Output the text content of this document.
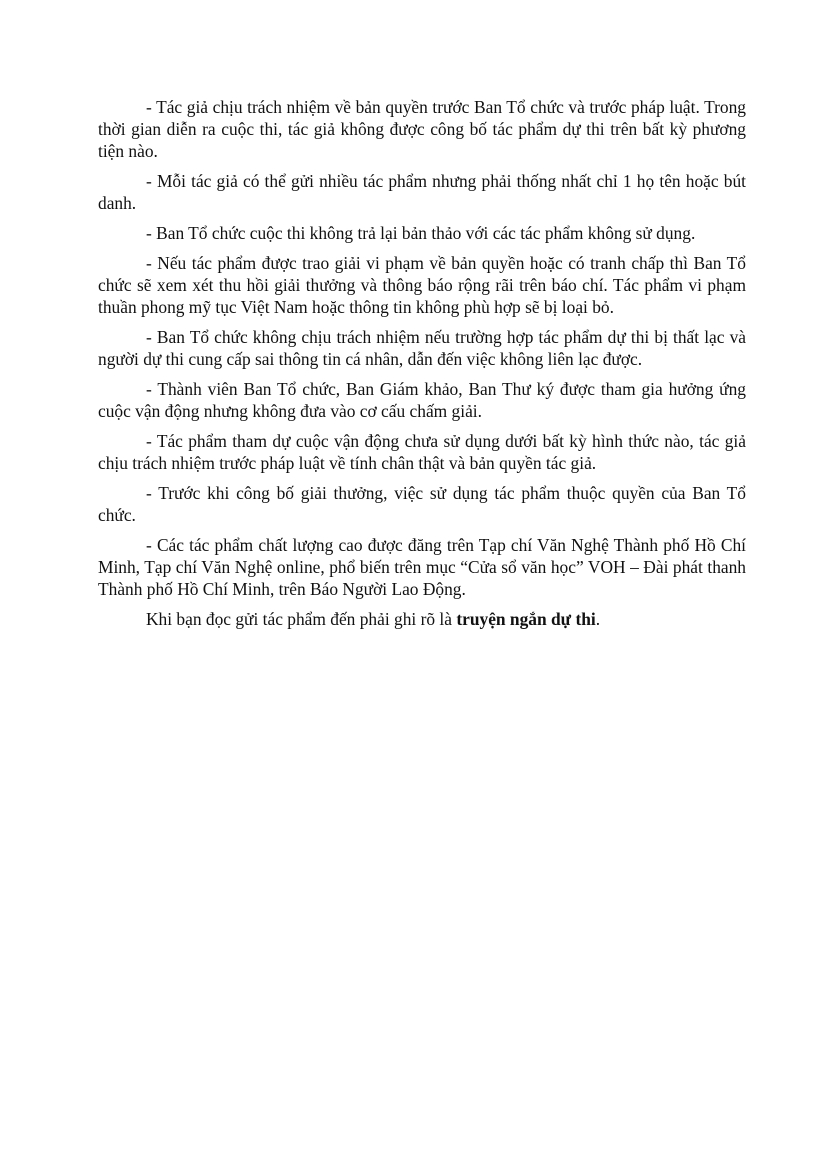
- Tác giả chịu trách nhiệm về bản quyền trước Ban Tổ chức và trước pháp luật. Trong thời gian diễn ra cuộc thi, tác giả không được công bố tác phẩm dự thi trên bất kỳ phương tiện nào.

- Mỗi tác giả có thể gửi nhiều tác phẩm nhưng phải thống nhất chỉ 1 họ tên hoặc bút danh.

- Ban Tổ chức cuộc thi không trả lại bản thảo với các tác phẩm không sử dụng.

- Nếu tác phẩm được trao giải vi phạm về bản quyền hoặc có tranh chấp thì Ban Tổ chức sẽ xem xét thu hồi giải thưởng và thông báo rộng rãi trên báo chí. Tác phẩm vi phạm thuần phong mỹ tục Việt Nam hoặc thông tin không phù hợp sẽ bị loại bỏ.

- Ban Tổ chức không chịu trách nhiệm nếu trường hợp tác phẩm dự thi bị thất lạc và người dự thi cung cấp sai thông tin cá nhân, dẫn đến việc không liên lạc được.

- Thành viên Ban Tổ chức, Ban Giám khảo, Ban Thư ký được tham gia hưởng ứng cuộc vận động nhưng không đưa vào cơ cấu chấm giải.

- Tác phẩm tham dự cuộc vận động chưa sử dụng dưới bất kỳ hình thức nào, tác giả chịu trách nhiệm trước pháp luật về tính chân thật và bản quyền tác giả.

- Trước khi công bố giải thưởng, việc sử dụng tác phẩm thuộc quyền của Ban Tổ chức.

- Các tác phẩm chất lượng cao được đăng trên Tạp chí Văn Nghệ Thành phố Hồ Chí Minh, Tạp chí Văn Nghệ online, phổ biến trên mục “Cửa sổ văn học” VOH – Đài phát thanh Thành phố Hồ Chí Minh, trên Báo Người Lao Động.

Khi bạn đọc gửi tác phẩm đến phải ghi rõ là truyện ngắn dự thi.
